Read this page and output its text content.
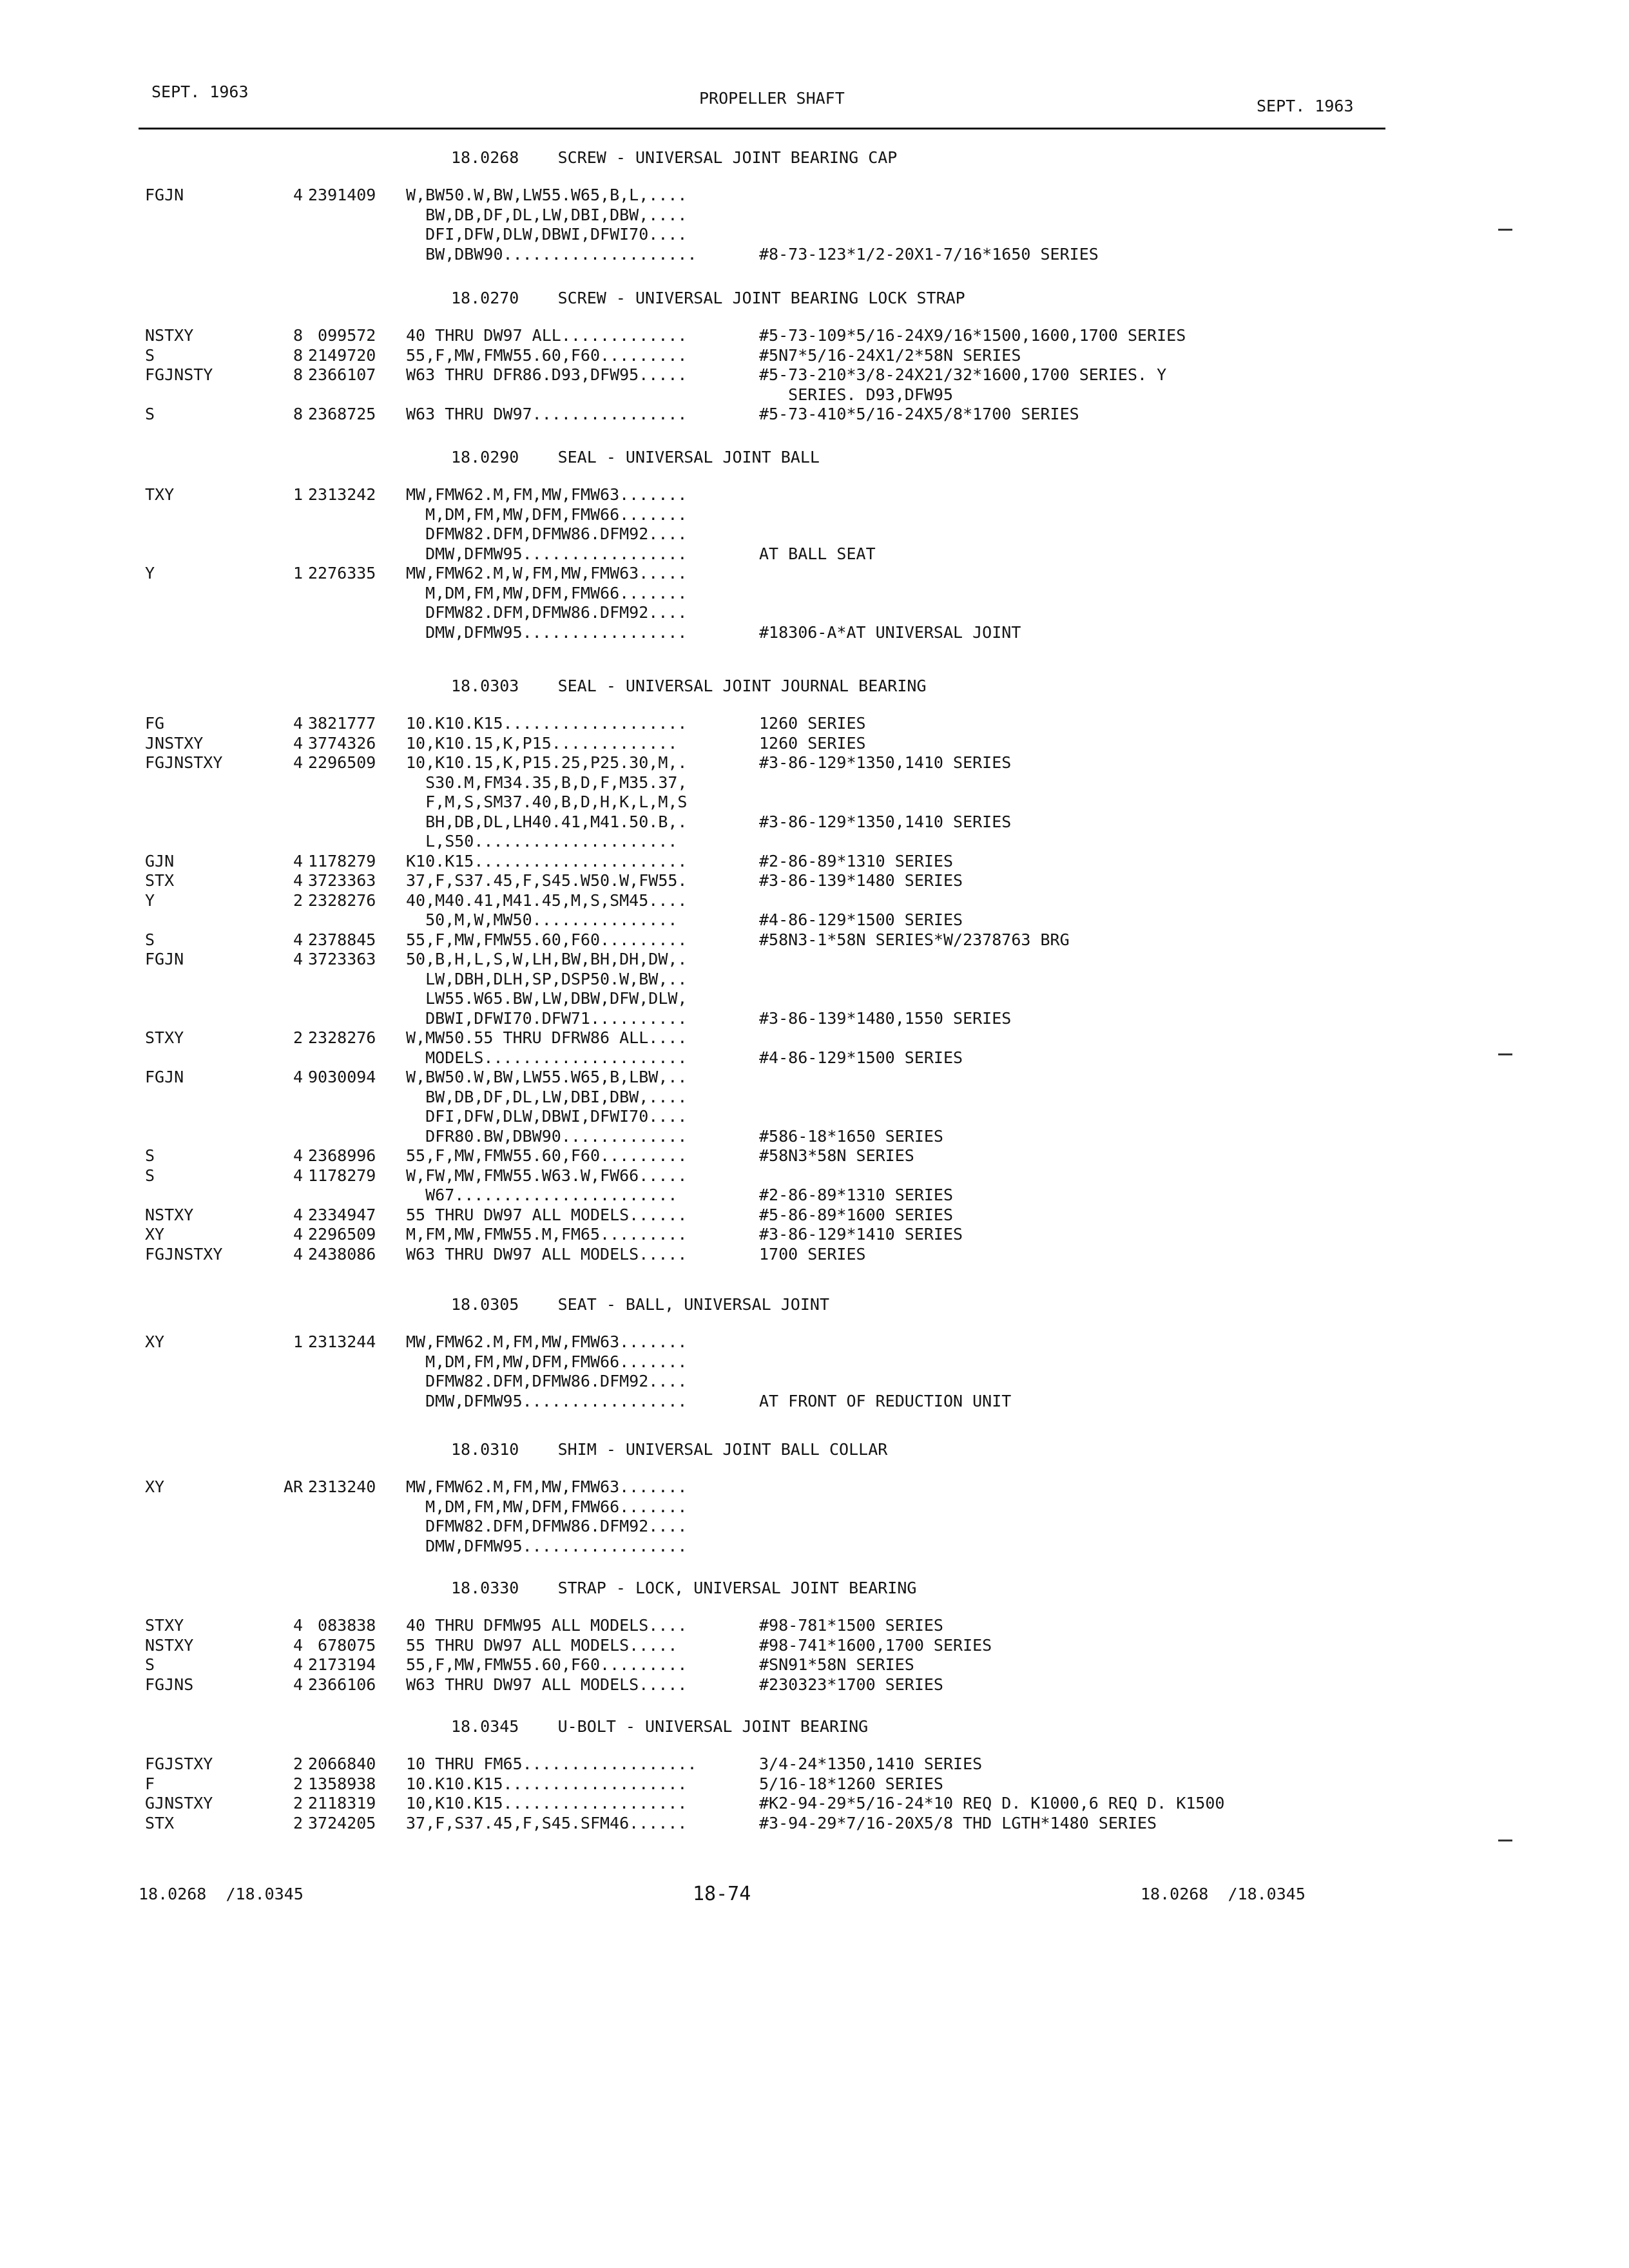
SEPT. 1963	PROPELLER SHAFT	SEPT. 1963
18.0268    SCREW - UNIVERSAL JOINT BEARING CAP
FGJN	4 2391409 W,BW50.W,BW,LW55.W65,B,L,....
BW,DB,DF,DL,LW,DBI,DBW,....
DFI,DFW,DLW,DBWI,DFWI70....
BW,DBW90....................	#8-73-123*1/2-20X1-7/16*1650 SERIES
18.0270    SCREW - UNIVERSAL JOINT BEARING LOCK STRAP
NSTXY	8 099572 40 THRU DW97 ALL.............	#5-73-109*5/16-24X9/16*1500,1600,1700 SERIES
S	8 2149720 55,F,MW,FMW55.60,F60.........	#5N7*5/16-24X1/2*58N SERIES
FGJNSTY	8 2366107 W63 THRU DFR86.D93,DFW95.....	#5-73-210*3/8-24X21/32*1600,1700 SERIES. Y
SERIES. D93,DFW95
S	8 2368725 W63 THRU DW97................	#5-73-410*5/16-24X5/8*1700 SERIES
18.0290    SEAL - UNIVERSAL JOINT BALL
TXY	1 2313242 MW,FMW62.M,FM,MW,FMW63.......
M,DM,FM,MW,DFM,FMW66.......
DFMW82.DFM,DFMW86.DFM92....
DMW,DFMW95.................	AT BALL SEAT
Y	1 2276335 MW,FMW62.M,W,FM,MW,FMW63.....
M,DM,FM,MW,DFM,FMW66.......
DFMW82.DFM,DFMW86.DFM92....
DMW,DFMW95.................	#18306-A*AT UNIVERSAL JOINT
18.0303    SEAL - UNIVERSAL JOINT JOURNAL BEARING
FG	4 3821777 10.K10.K15...................	1260 SERIES
JNSTXY	4 3774326 10,K10.15,K,P15.............	1260 SERIES
FGJNSTXY	4 2296509 10,K10.15,K,P15.25,P25.30,M,.	#3-86-129*1350,1410 SERIES
S30.M,FM34.35,B,D,F,M35.37,
F,M,S,SM37.40,B,D,H,K,L,M,S
BH,DB,DL,LH40.41,M41.50.B,.	#3-86-129*1350,1410 SERIES
L,S50.....................
GJN	4 1178279 K10.K15......................	#2-86-89*1310 SERIES
STX	4 3723363 37,F,S37.45,F,S45.W50.W,FW55.	#3-86-139*1480 SERIES
Y	2 2328276 40,M40.41,M41.45,M,S,SM45....
50,M,W,MW50...............	#4-86-129*1500 SERIES
S	4 2378845 55,F,MW,FMW55.60,F60.........	#58N3-1*58N SERIES*W/2378763 BRG
FGJN	4 3723363 50,B,H,L,S,W,LH,BW,BH,DH,DW,.
LW,DBH,DLH,SP,DSP50.W,BW,..
LW55.W65.BW,LW,DBW,DFW,DLW,
DBWI,DFWI70.DFW71..........	#3-86-139*1480,1550 SERIES
STXY	2 2328276 W,MW50.55 THRU DFRW86 ALL....
MODELS.....................	#4-86-129*1500 SERIES
FGJN	4 9030094 W,BW50.W,BW,LW55.W65,B,LBW,..
BW,DB,DF,DL,LW,DBI,DBW,....
DFI,DFW,DLW,DBWI,DFWI70....
DFR80.BW,DBW90.............	#586-18*1650 SERIES
S	4 2368996 55,F,MW,FMW55.60,F60.........	#58N3*58N SERIES
S	4 1178279 W,FW,MW,FMW55.W63.W,FW66.....
W67.......................	#2-86-89*1310 SERIES
NSTXY	4 2334947 55 THRU DW97 ALL MODELS......	#5-86-89*1600 SERIES
XY	4 2296509 M,FM,MW,FMW55.M,FM65.........	#3-86-129*1410 SERIES
FGJNSTXY	4 2438086 W63 THRU DW97 ALL MODELS.....	1700 SERIES
18.0305    SEAT - BALL, UNIVERSAL JOINT
XY	1 2313244 MW,FMW62.M,FM,MW,FMW63.......
M,DM,FM,MW,DFM,FMW66.......
DFMW82.DFM,DFMW86.DFM92....
DMW,DFMW95.................	AT FRONT OF REDUCTION UNIT
18.0310    SHIM - UNIVERSAL JOINT BALL COLLAR
XY	AR 2313240 MW,FMW62.M,FM,MW,FMW63.......
M,DM,FM,MW,DFM,FMW66.......
DFMW82.DFM,DFMW86.DFM92....
DMW,DFMW95.................
18.0330    STRAP - LOCK, UNIVERSAL JOINT BEARING
STXY	4 083838 40 THRU DFMW95 ALL MODELS....	#98-781*1500 SERIES
NSTXY	4 678075 55 THRU DW97 ALL MODELS.....	#98-741*1600,1700 SERIES
S	4 2173194 55,F,MW,FMW55.60,F60.........	#SN91*58N SERIES
FGJNS	4 2366106 W63 THRU DW97 ALL MODELS.....	#230323*1700 SERIES
18.0345    U-BOLT - UNIVERSAL JOINT BEARING
FGJSTXY	2 2066840 10 THRU FM65..................	3/4-24*1350,1410 SERIES
F	2 1358938 10.K10.K15...................	5/16-18*1260 SERIES
GJNSTXY	2 2118319 10,K10.K15...................	#K2-94-29*5/16-24*10 REQ D. K1000,6 REQ D. K1500
STX	2 3724205 37,F,S37.45,F,S45.SFM46......	#3-94-29*7/16-20X5/8 THD LGTH*1480 SERIES
18.0268  /18.0345	18-74	18.0268  /18.0345
